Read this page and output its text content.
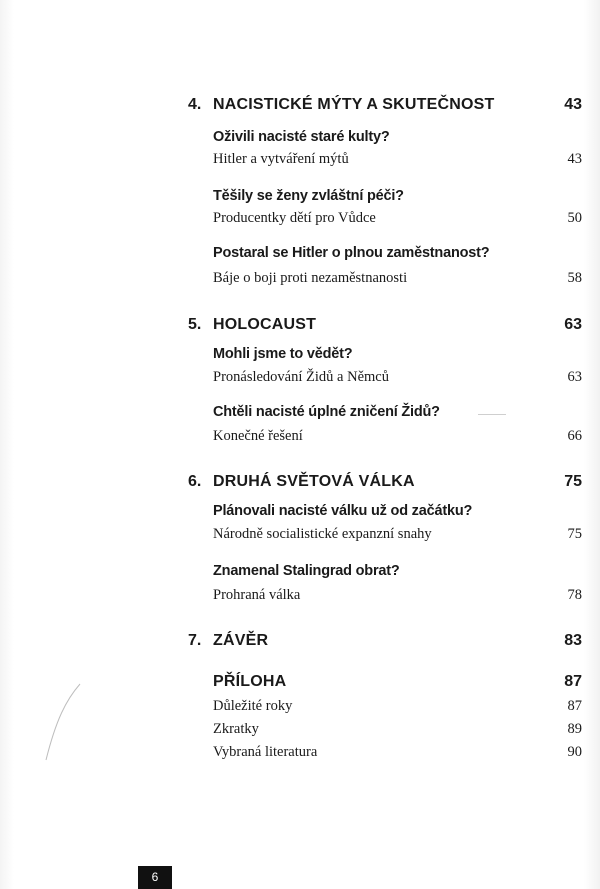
4. NACISTICKÉ MÝTY A SKUTEČNOST	43
Oživili nacisté staré kulty?
Hitler a vytváření mýtů	43
Těšily se ženy zvláštní péči?
Producentky dětí pro Vůdce	50
Postaral se Hitler o plnou zaměstnanost?
Báje o boji proti nezaměstnanosti	58
5. HOLOCAUST	63
Mohli jsme to vědět?
Pronásledování Židů a Němců	63
Chtěli nacisté úplné zničení Židů?
Konečné řešení	66
6. DRUHÁ SVĚTOVÁ VÁLKA	75
Plánovali nacisté válku už od začátku?
Národně socialistické expanzní snahy	75
Znamenal Stalingrad obrat?
Prohraná válka	78
7. ZÁVĚR	83
PŘÍLOHA	87
Důležité roky	87
Zkratky	89
Vybraná literatura	90
6
